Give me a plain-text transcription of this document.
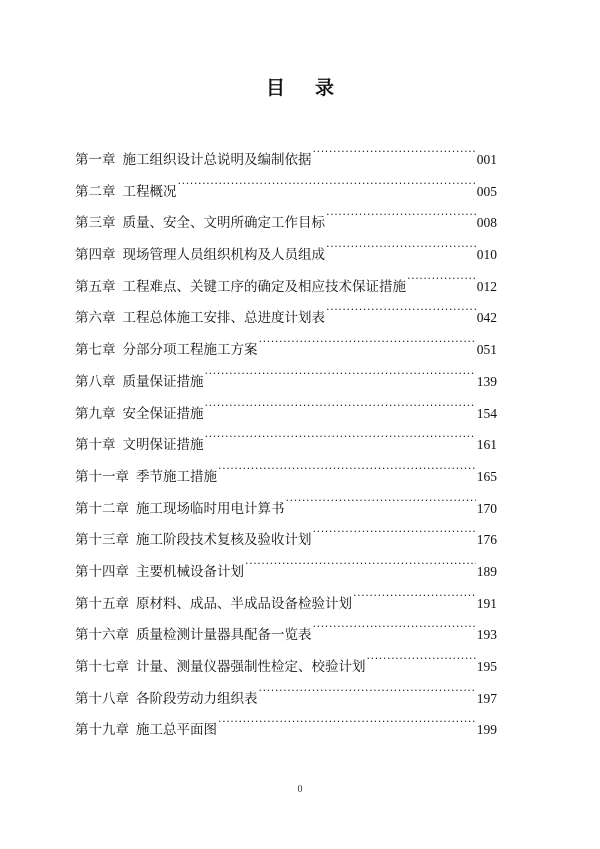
目 录
第一章 施工组织设计总说明及编制依据 ·····	001
第二章 工程概况 ·····	005
第三章 质量、安全、文明所确定工作目标 ·····	008
第四章 现场管理人员组织机构及人员组成 ·····	010
第五章 工程难点、关键工序的确定及相应技术保证措施 ·····	012
第六章 工程总体施工安排、总进度计划表 ·····	042
第七章 分部分项工程施工方案 ·····	051
第八章 质量保证措施 ·····	139
第九章 安全保证措施 ·····	154
第十章 文明保证措施 ·····	161
第十一章 季节施工措施 ·····	165
第十二章 施工现场临时用电计算书 ·····	170
第十三章 施工阶段技术复核及验收计划 ·····	176
第十四章 主要机械设备计划 ·····	189
第十五章 原材料、成品、半成品设备检验计划 ·····	191
第十六章 质量检测计量器具配备一览表 ·····	193
第十七章 计量、测量仪器强制性检定、校验计划 ·····	195
第十八章 各阶段劳动力组织表 ·····	197
第十九章 施工总平面图 ·····	199
0
